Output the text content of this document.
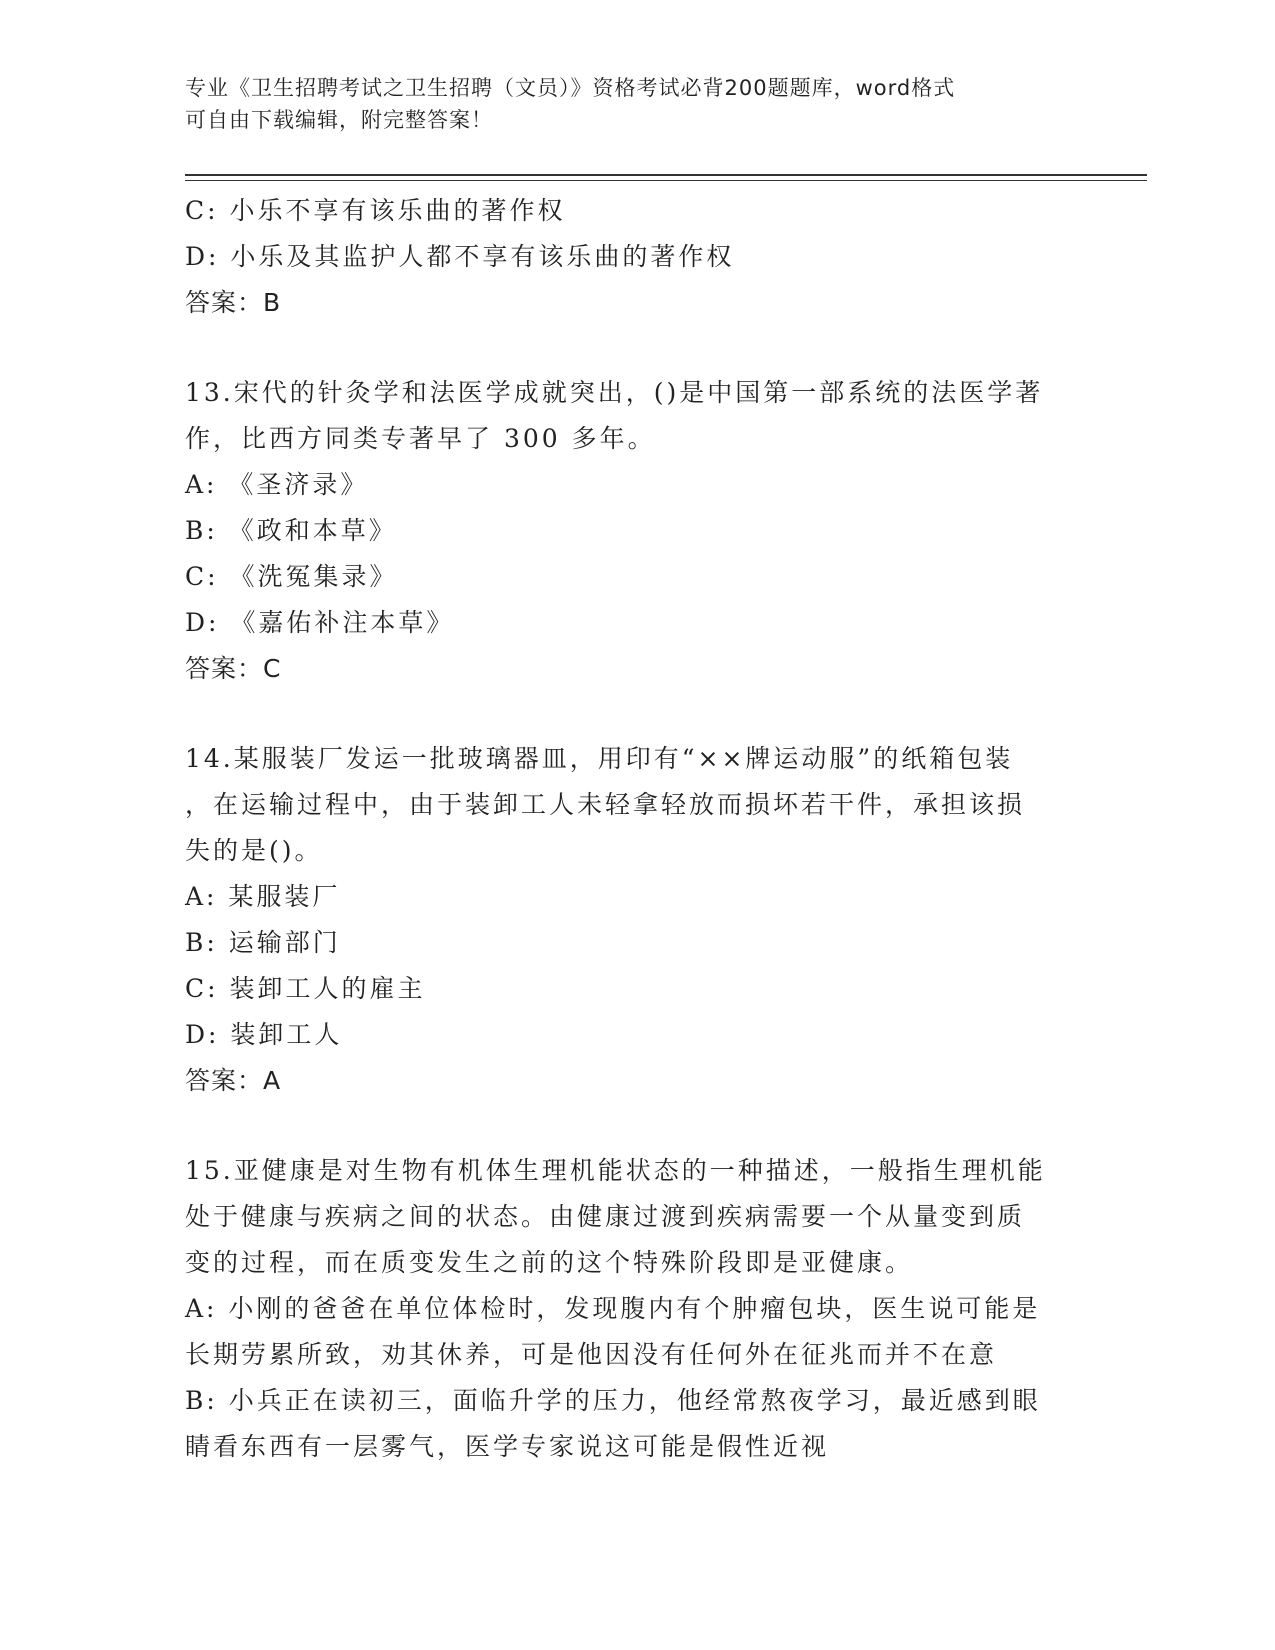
专业《卫生招聘考试之卫生招聘（文员）》资格考试必背200题题库，word格式
可自由下载编辑，附完整答案！
C: 小乐不享有该乐曲的著作权
D: 小乐及其监护人都不享有该乐曲的著作权
答案：B
13.宋代的针灸学和法医学成就突出，()是中国第一部系统的法医学著
作，比西方同类专著早了 300 多年。
A: 《圣济录》
B: 《政和本草》
C: 《洗冤集录》
D: 《嘉佑补注本草》
答案：C
14.某服装厂发运一批玻璃器皿，用印有“××牌运动服”的纸箱包装
，在运输过程中，由于装卸工人未轻拿轻放而损坏若干件，承担该损
失的是()。
A: 某服装厂
B: 运输部门
C: 装卸工人的雇主
D: 装卸工人
答案：A
15.亚健康是对生物有机体生理机能状态的一种描述，一般指生理机能
处于健康与疾病之间的状态。由健康过渡到疾病需要一个从量变到质
变的过程，而在质变发生之前的这个特殊阶段即是亚健康。
A: 小刚的爸爸在单位体检时，发现腹内有个肿瘤包块，医生说可能是
长期劳累所致，劝其休养，可是他因没有任何外在征兆而并不在意
B: 小兵正在读初三，面临升学的压力，他经常熬夜学习，最近感到眼
睛看东西有一层雾气，医学专家说这可能是假性近视
